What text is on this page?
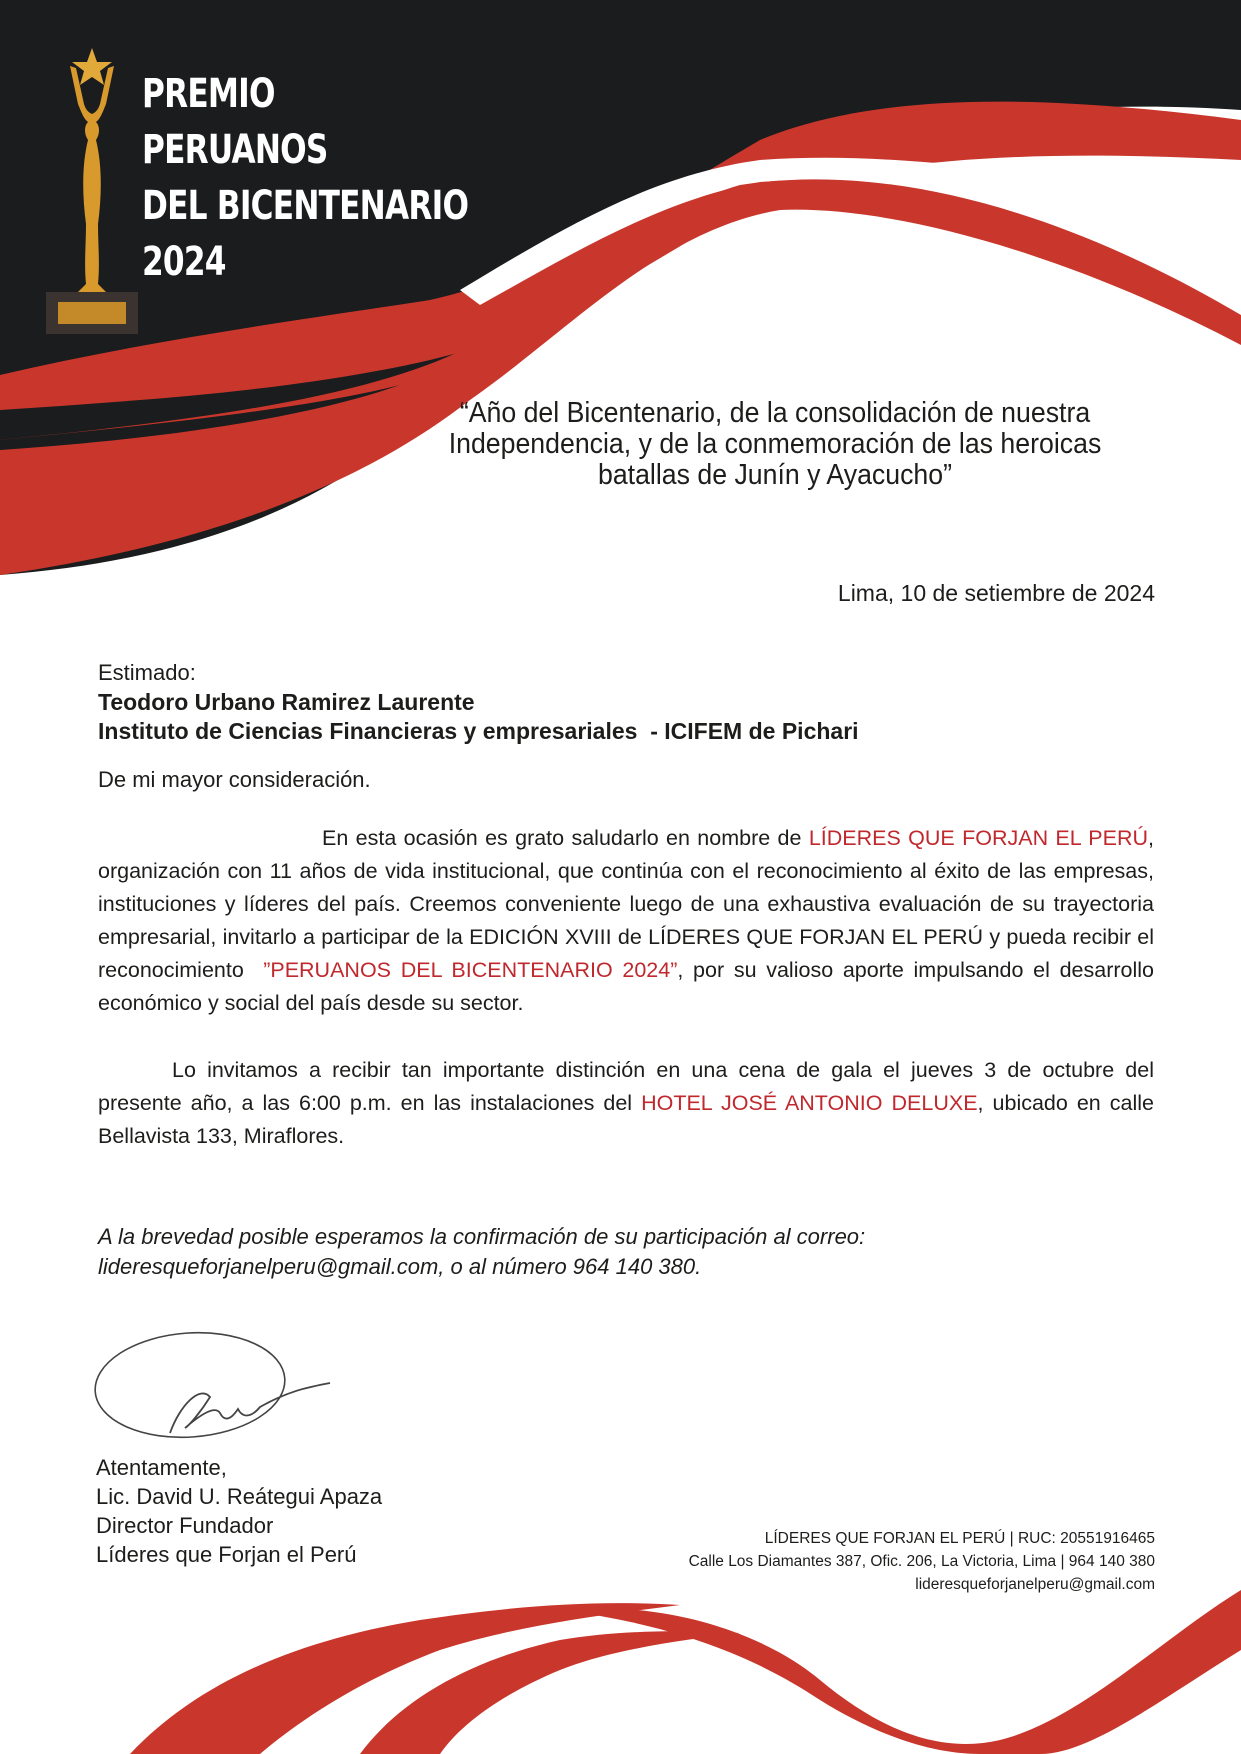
PREMIO
PERUANOS
DEL BICENTENARIO
2024
“Año del Bicentenario, de la consolidación de nuestra
Independencia, y de la conmemoración de las heroicas
batallas de Junín y Ayacucho”
Lima, 10 de setiembre de 2024
Estimado:
Teodoro Urbano Ramirez Laurente
Instituto de Ciencias Financieras y empresariales  - ICIFEM de Pichari
De mi mayor consideración.
En esta ocasión es grato saludarlo en nombre de LÍDERES QUE FORJAN EL PERÚ, organización con 11 años de vida institucional, que continúa con el reconocimiento al éxito de las empresas, instituciones y líderes del país. Creemos conveniente luego de una exhaustiva evaluación de su trayectoria empresarial, invitarlo a participar de la EDICIÓN XVIII de LÍDERES QUE FORJAN EL PERÚ y pueda recibir el reconocimiento  ”PERUANOS DEL BICENTENARIO 2024”, por su valioso aporte impulsando el desarrollo económico y social del país desde su sector.
Lo invitamos a recibir tan importante distinción en una cena de gala el jueves 3 de octubre del presente año, a las 6:00 p.m. en las instalaciones del HOTEL JOSÉ ANTONIO DELUXE, ubicado en calle Bellavista 133, Miraflores.
A la brevedad posible esperamos la confirmación de su participación al correo:
lideresqueforjanelperu@gmail.com, o al número 964 140 380.
Atentamente,
Lic. David U. Reátegui Apaza
Director Fundador
Líderes que Forjan el Perú
LÍDERES QUE FORJAN EL PERÚ | RUC: 20551916465
Calle Los Diamantes 387, Ofic. 206, La Victoria, Lima | 964 140 380
lideresqueforjanelperu@gmail.com
